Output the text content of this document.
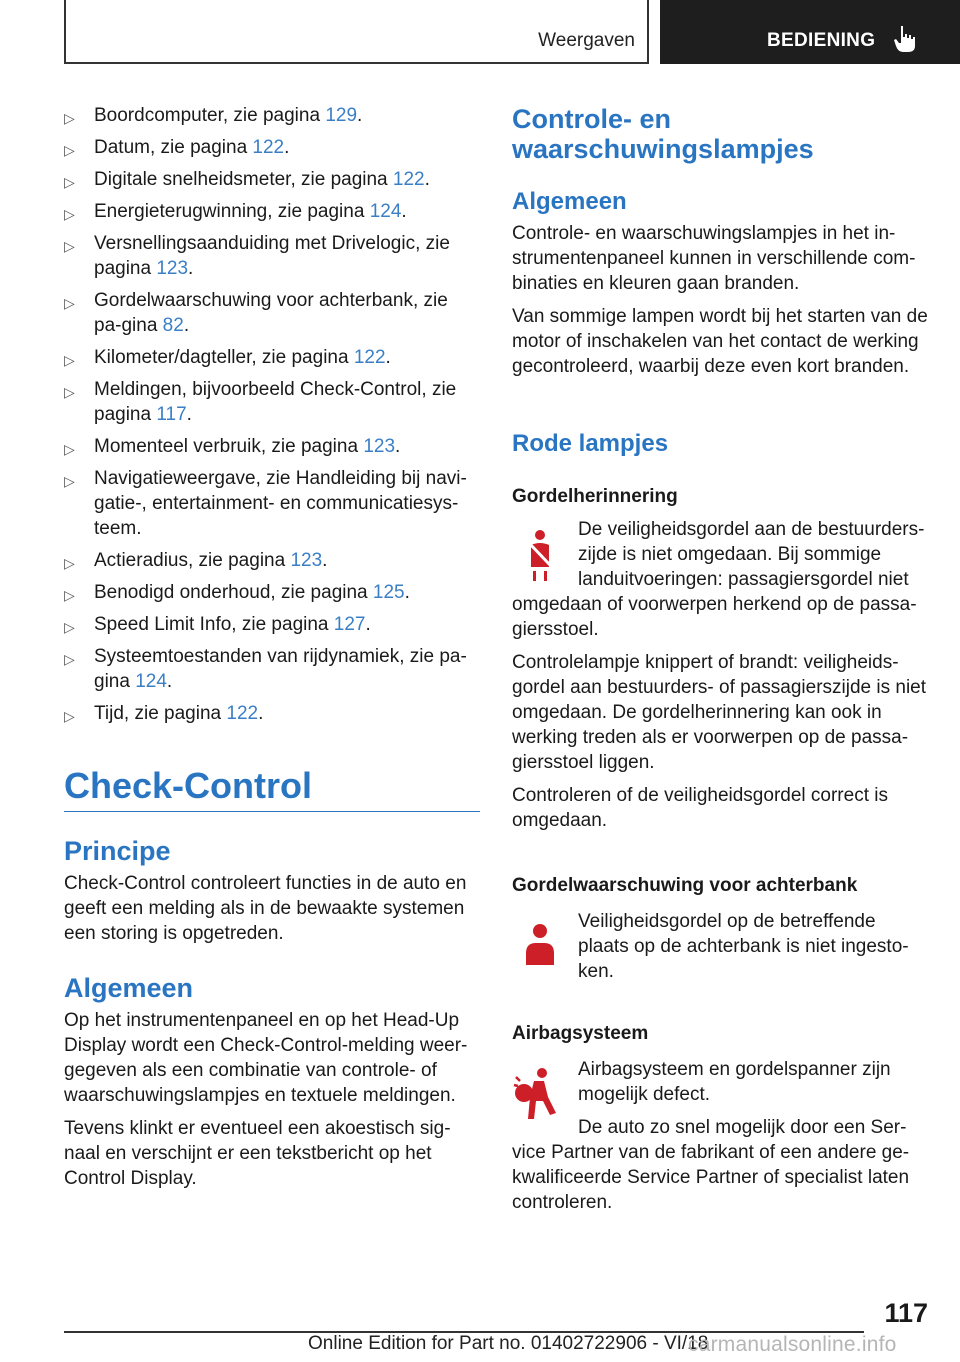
Weergaven	BEDIENING
▷ Boordcomputer, zie pagina 129.
▷ Datum, zie pagina 122.
▷ Digitale snelheidsmeter, zie pagina 122.
▷ Energieterugwinning, zie pagina 124.
▷ Versnellingsaanduiding met Drivelogic, zie pagina 123.
▷ Gordelwaarschuwing voor achterbank, zie pa‐gina 82.
▷ Kilometer/dagteller, zie pagina 122.
▷ Meldingen, bijvoorbeeld Check-Control, zie pagina 117.
▷ Momenteel verbruik, zie pagina 123.
▷ Navigatieweergave, zie Handleiding bij navi‐gatie-, entertainment- en communicatiesys‐teem.
▷ Actieradius, zie pagina 123.
▷ Benodigd onderhoud, zie pagina 125.
▷ Speed Limit Info, zie pagina 127.
▷ Systeemtoestanden van rijdynamiek, zie pa‐gina 124.
▷ Tijd, zie pagina 122.
Check-Control
Principe

Check-Control controleert functies in de auto en geeft een melding als in de bewaakte systemen een storing is opgetreden.

Algemeen

Op het instrumentenpaneel en op het Head-Up Display wordt een Check-Control-melding weer‐gegeven als een combinatie van controle- of waarschuwingslampjes en textuele meldingen.

Tevens klinkt er eventueel een akoestisch sig‐naal en verschijnt er een tekstbericht op het Control Display.

Controle- en waarschuwingslampjes
Algemeen

Controle- en waarschuwingslampjes in het in‐strumentenpaneel kunnen in verschillende com‐binaties en kleuren gaan branden.

Van sommige lampen wordt bij het starten van de motor of inschakelen van het contact de werking gecontroleerd, waarbij deze even kort branden.

Rode lampjes
Gordelherinnering

De veiligheidsgordel aan de bestuurders‐zijde is niet omgedaan. Bij sommige landuitvoeringen: passagiersgordel niet

omgedaan of voorwerpen herkend op de passa‐giersstoel.

Controlelampje knippert of brandt: veiligheids‐gordel aan bestuurders- of passagierszijde is niet omgedaan. De gordelherinnering kan ook in werking treden als er voorwerpen op de passa‐giersstoel liggen.

Controleren of de veiligheidsgordel correct is omgedaan.

Gordelwaarschuwing voor achterbank

Veiligheidsgordel op de betreffende plaats op de achterbank is niet ingesto‐ken.

Airbagsysteem

Airbagsysteem en gordelspanner zijn mogelijk defect.

De auto zo snel mogelijk door een Ser‐

vice Partner van de fabrikant of een andere ge‐kwalificeerde Service Partner of specialist laten controleren.

117
Online Edition for Part no. 01402722906 - VI/18
carmanualsonline.info
